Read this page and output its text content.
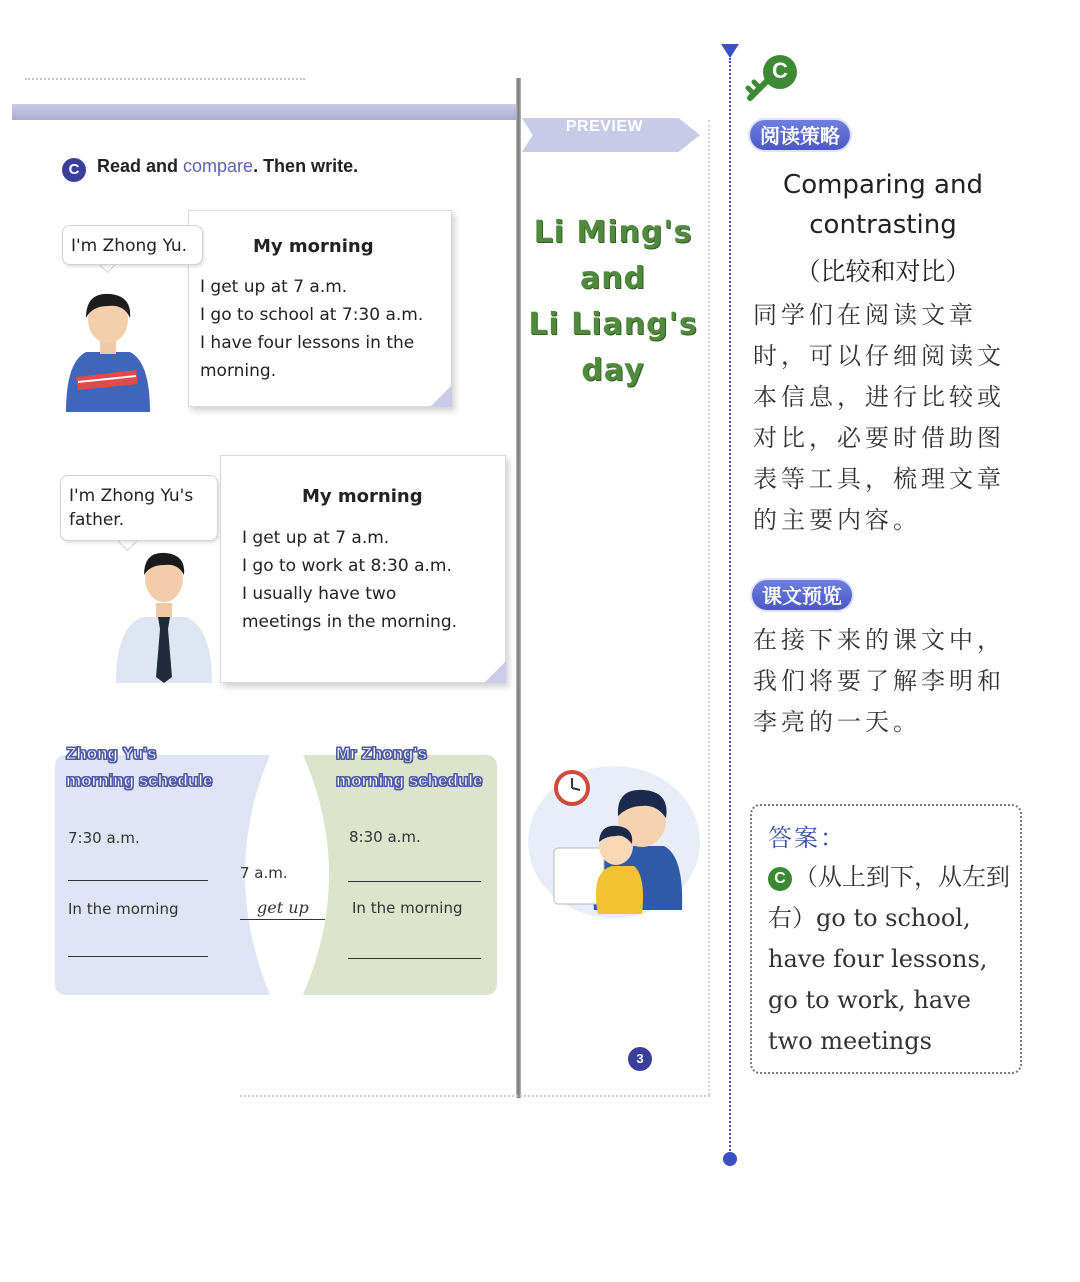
C Read and compare. Then write.
My morning
I get up at 7 a.m.
I go to school at 7:30 a.m.
I have four lessons in the
morning.
I'm Zhong Yu.
My morning
I get up at 7 a.m.
I go to work at 8:30 a.m.
I usually have two
meetings in the morning.
I'm Zhong Yu's
father.
Zhong Yu's
morning schedule
Mr Zhong's
morning schedule
7:30 a.m.
In the morning
7 a.m.
get up
8:30 a.m.
In the morning
PREVIEW
Li Ming's
and
Li Liang's
day
3
C
阅读策略
Comparing and
contrasting
（比较和对比）
同学们在阅读文章时，可以仔细阅读文本信息，进行比较或对比，必要时借助图表等工具，梳理文章的主要内容。
课文预览
在接下来的课文中，我们将要了解李明和李亮的一天。
答案：
C （从上到下，从左到右）go to school, have four lessons, go to work, have two meetings
